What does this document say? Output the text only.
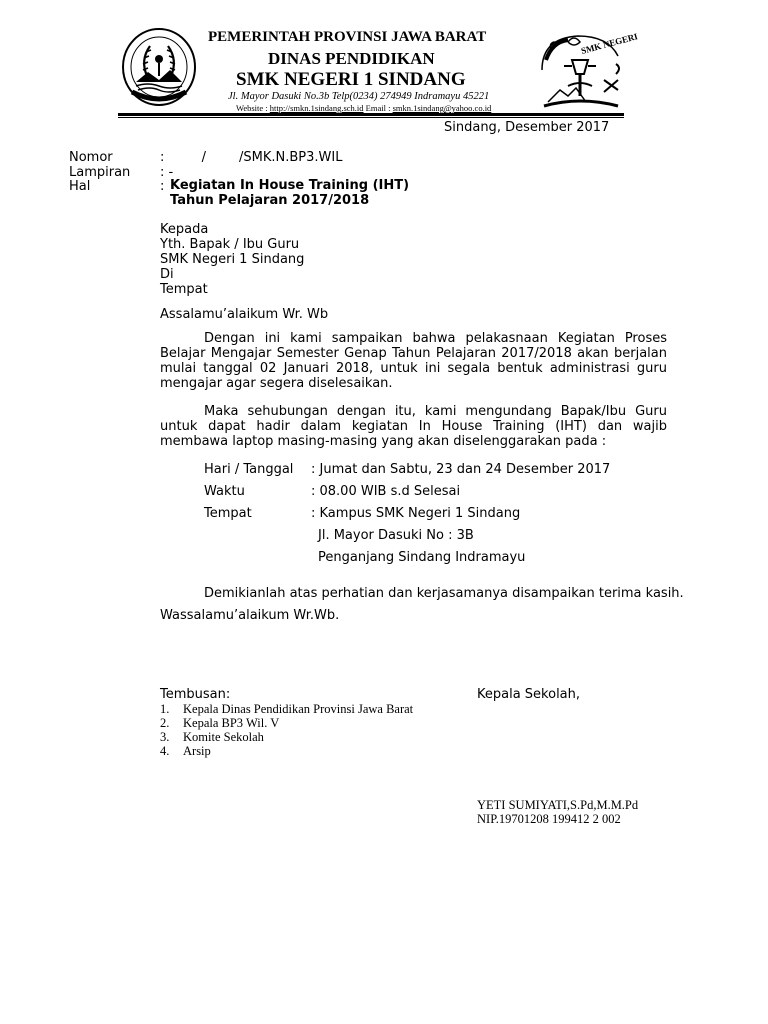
PEMERINTAH PROVINSI JAWA BARAT
DINAS PENDIDIKAN
SMK NEGERI 1 SINDANG
Jl. Mayor Dasuki No.3b Telp(0234) 274949 Indramayu 45221
Website : http://smkn.1sindang.sch.id Email : smkn.1sindang@yahoo.co.id
SMK NEGERI
Sindang, Desember 2017
Nomor	:         /        /SMK.N.BP3.WIL
Lampiran : -
Hal	: Kegiatan In House Training (IHT)
Tahun Pelajaran 2017/2018
Kepada
Yth. Bapak / Ibu Guru
SMK Negeri 1 Sindang
Di
Tempat
Assalamu’alaikum Wr. Wb
Dengan ini kami sampaikan bahwa pelakasnaan Kegiatan Proses Belajar Mengajar Semester Genap Tahun Pelajaran 2017/2018 akan berjalan mulai tanggal 02 Januari 2018, untuk ini segala bentuk administrasi guru mengajar agar segera diselesaikan.
Maka sehubungan dengan itu, kami mengundang Bapak/Ibu Guru untuk dapat hadir dalam kegiatan In House Training (IHT) dan wajib membawa laptop masing-masing yang akan diselenggarakan pada :
Hari / Tanggal : Jumat dan Sabtu, 23 dan 24 Desember 2017
Waktu	: 08.00 WIB s.d Selesai
Tempat	: Kampus SMK Negeri 1 Sindang
Jl. Mayor Dasuki No : 3B
Penganjang Sindang Indramayu
Demikianlah atas perhatian dan kerjasamanya disampaikan terima kasih.
Wassalamu’alaikum Wr.Wb.
Tembusan:
1. Kepala Dinas Pendidikan Provinsi Jawa Barat
2. Kepala BP3 Wil. V
3. Komite Sekolah
4. Arsip
Kepala Sekolah,
YETI SUMIYATI,S.Pd,M.M.Pd
NIP.19701208 199412 2 002
